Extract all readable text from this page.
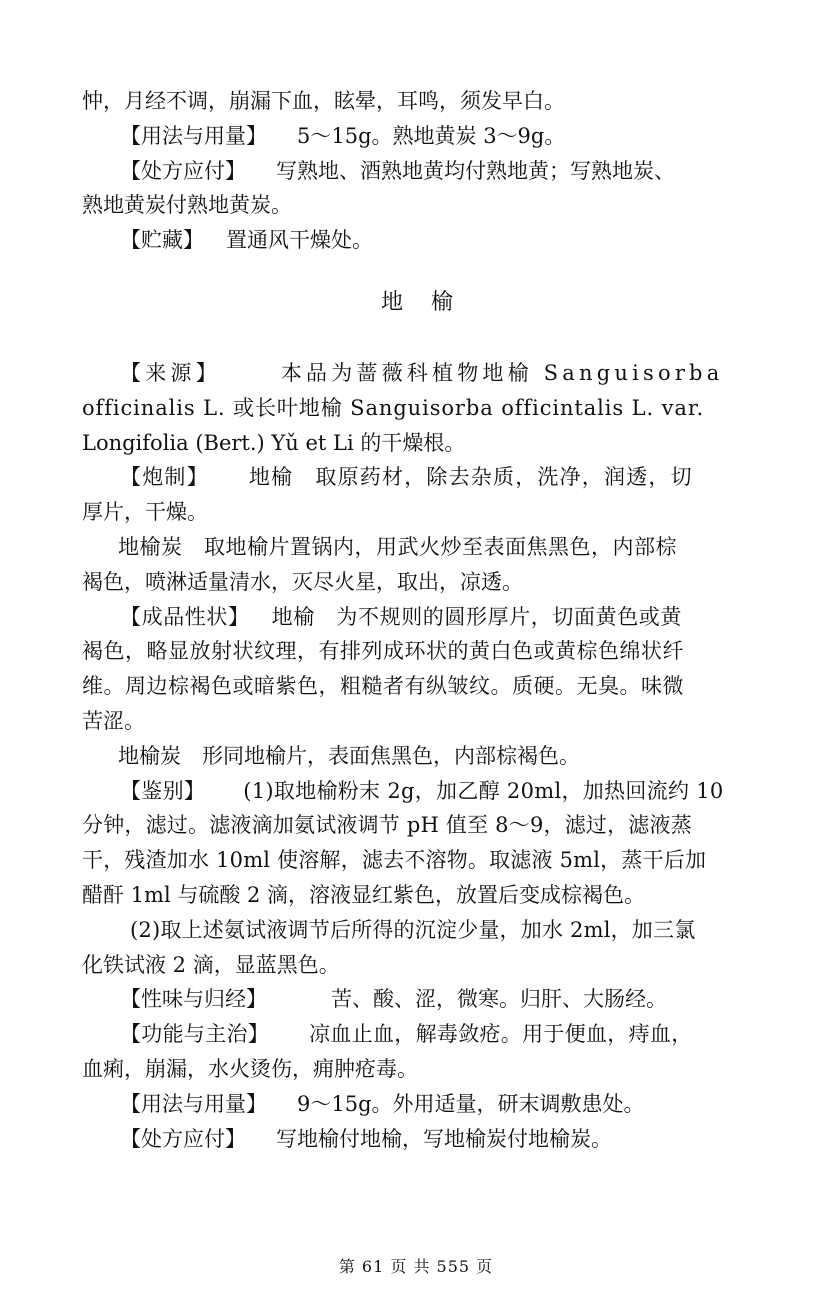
忡，月经不调，崩漏下血，眩晕，耳鸣，须发早白。
【用法与用量】 5～15g。熟地黄炭 3～9g。
【处方应付】 写熟地、酒熟地黄均付熟地黄；写熟地炭、
熟地黄炭付熟地黄炭。
【贮藏】 置通风干燥处。
地 榆
【来源】	本品为蔷薇科植物地榆 Sanguisorba
officinalis L. 或长叶地榆 Sanguisorba officintalis L. var.
Longifolia (Bert.) Yǔ et Li 的干燥根。
【炮制】 地榆　取原药材，除去杂质，洗净，润透，切
厚片，干燥。
地榆炭　取地榆片置锅内，用武火炒至表面焦黑色，内部棕
褐色，喷淋适量清水，灭尽火星，取出，凉透。
【成品性状】 地榆　为不规则的圆形厚片，切面黄色或黄
褐色，略显放射状纹理，有排列成环状的黄白色或黄棕色绵状纤
维。周边棕褐色或暗紫色，粗糙者有纵皱纹。质硬。无臭。味微
苦涩。
地榆炭　形同地榆片，表面焦黑色，内部棕褐色。
【鉴别】 (1)取地榆粉末 2g，加乙醇 20ml，加热回流约 10
分钟，滤过。滤液滴加氨试液调节 pH 值至 8～9，滤过，滤液蒸
干，残渣加水 10ml 使溶解，滤去不溶物。取滤液 5ml，蒸干后加
醋酐 1ml 与硫酸 2 滴，溶液显红紫色，放置后变成棕褐色。
(2)取上述氨试液调节后所得的沉淀少量，加水 2ml，加三氯
化铁试液 2 滴，显蓝黑色。
【性味与归经】	苦、酸、涩，微寒。归肝、大肠经。
【功能与主治】 凉血止血，解毒敛疮。用于便血，痔血，
血痢，崩漏，水火烫伤，痈肿疮毒。
【用法与用量】 9～15g。外用适量，研末调敷患处。
【处方应付】 写地榆付地榆，写地榆炭付地榆炭。
第 61 页 共 555 页
